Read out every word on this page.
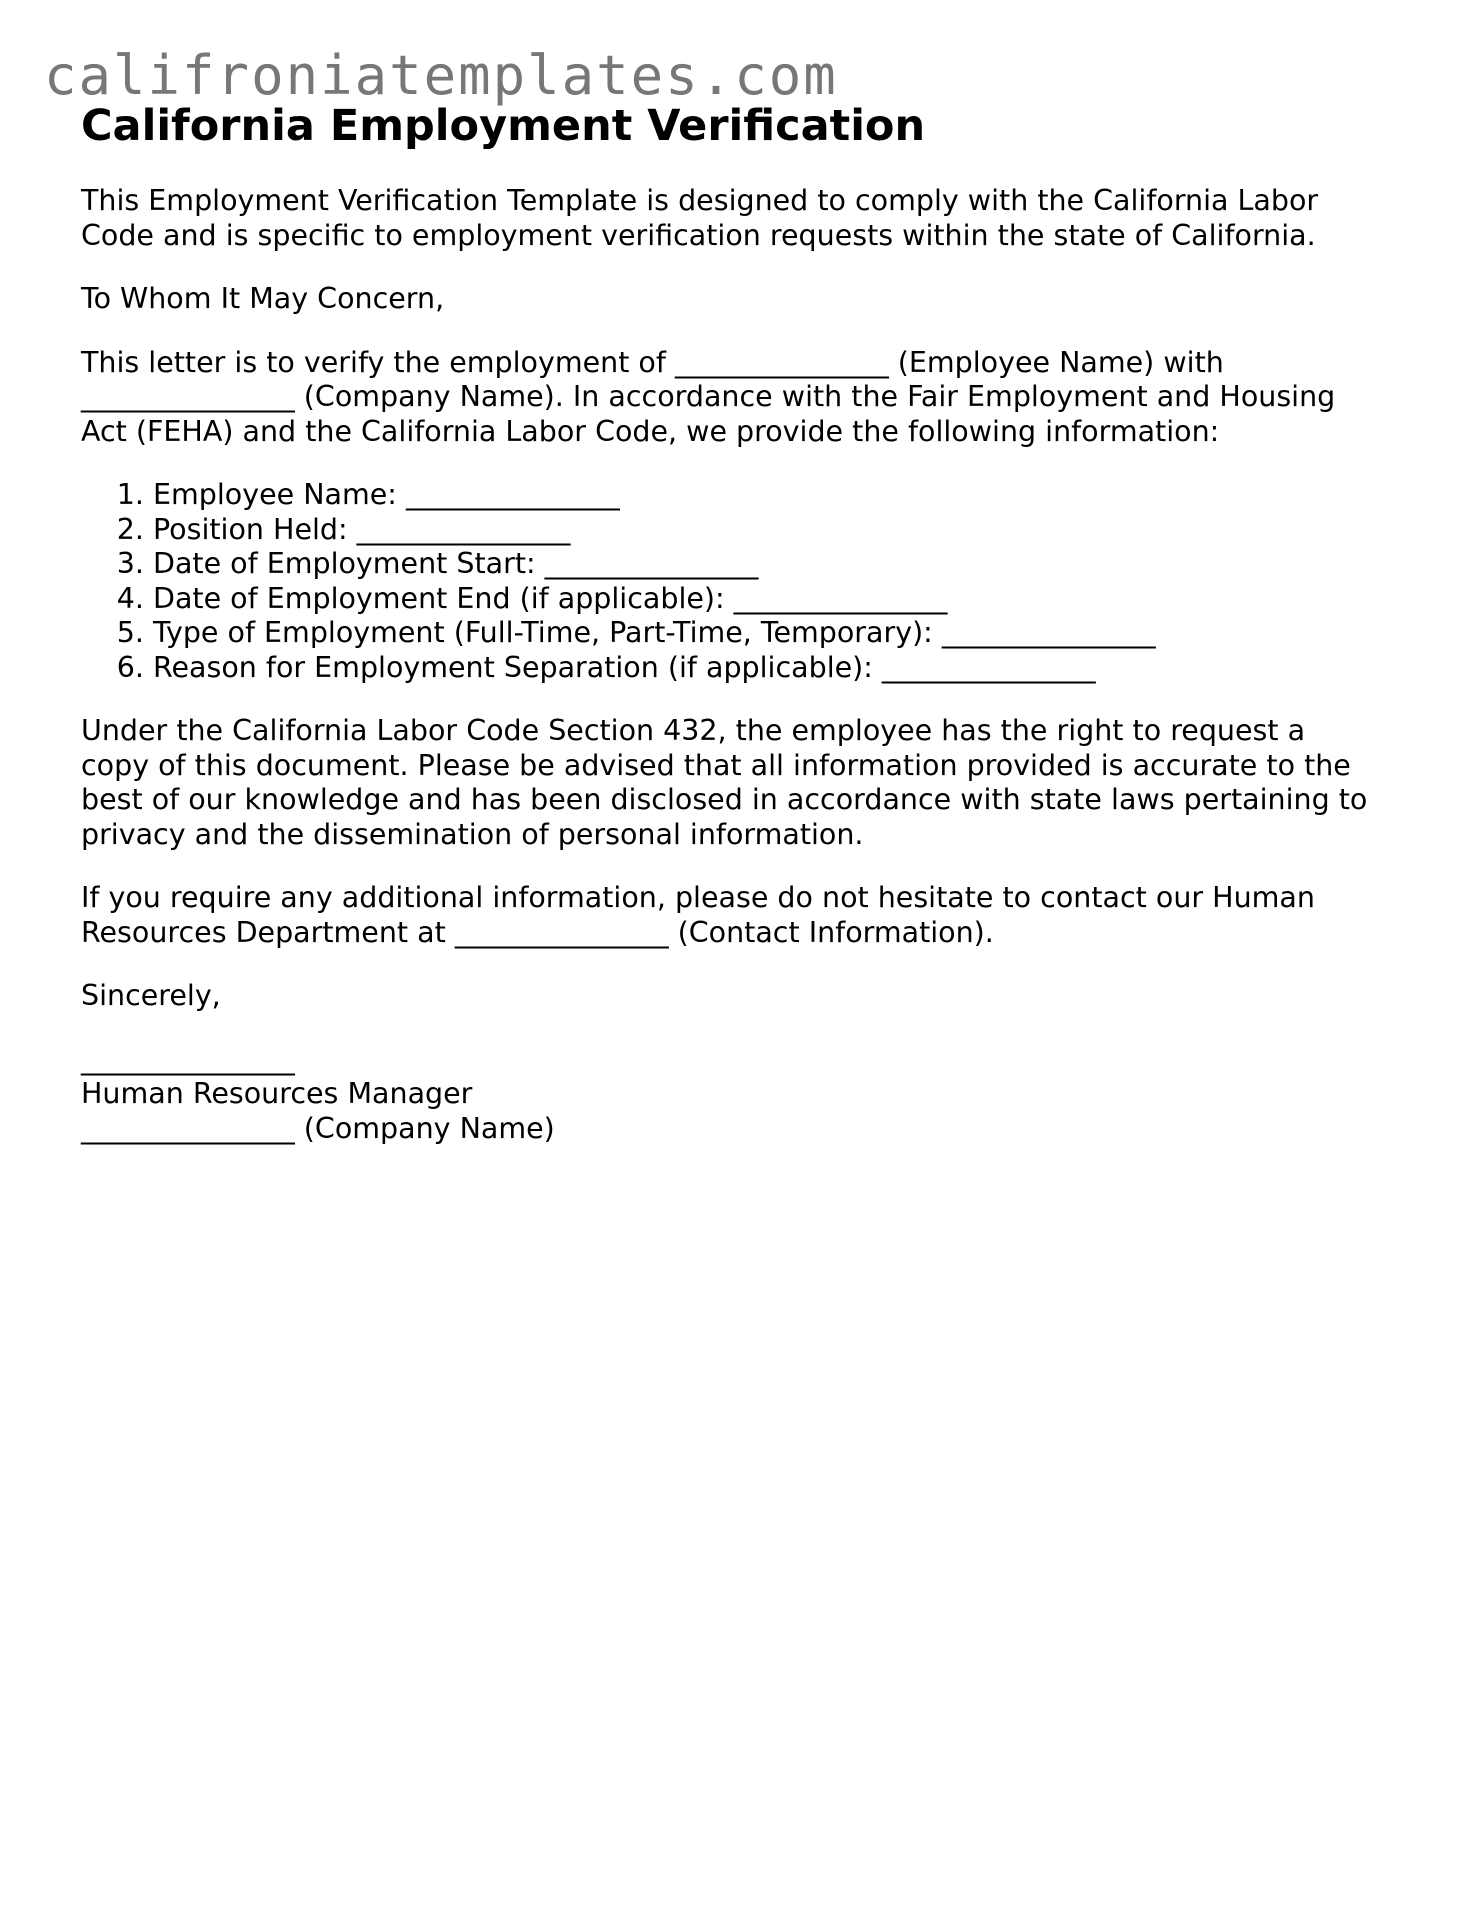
califroniatemplates.com
California Employment Verification
This Employment Verification Template is designed to comply with the California Labor
Code and is specific to employment verification requests within the state of California.
To Whom It May Concern,
This letter is to verify the employment of _______________ (Employee Name) with
_______________ (Company Name). In accordance with the Fair Employment and Housing
Act (FEHA) and the California Labor Code, we provide the following information:
1. Employee Name: _______________
2. Position Held: _______________
3. Date of Employment Start: _______________
4. Date of Employment End (if applicable): _______________
5. Type of Employment (Full-Time, Part-Time, Temporary): _______________
6. Reason for Employment Separation (if applicable): _______________
Under the California Labor Code Section 432, the employee has the right to request a
copy of this document. Please be advised that all information provided is accurate to the
best of our knowledge and has been disclosed in accordance with state laws pertaining to
privacy and the dissemination of personal information.
If you require any additional information, please do not hesitate to contact our Human
Resources Department at _______________ (Contact Information).
Sincerely,
_______________
Human Resources Manager
_______________ (Company Name)
